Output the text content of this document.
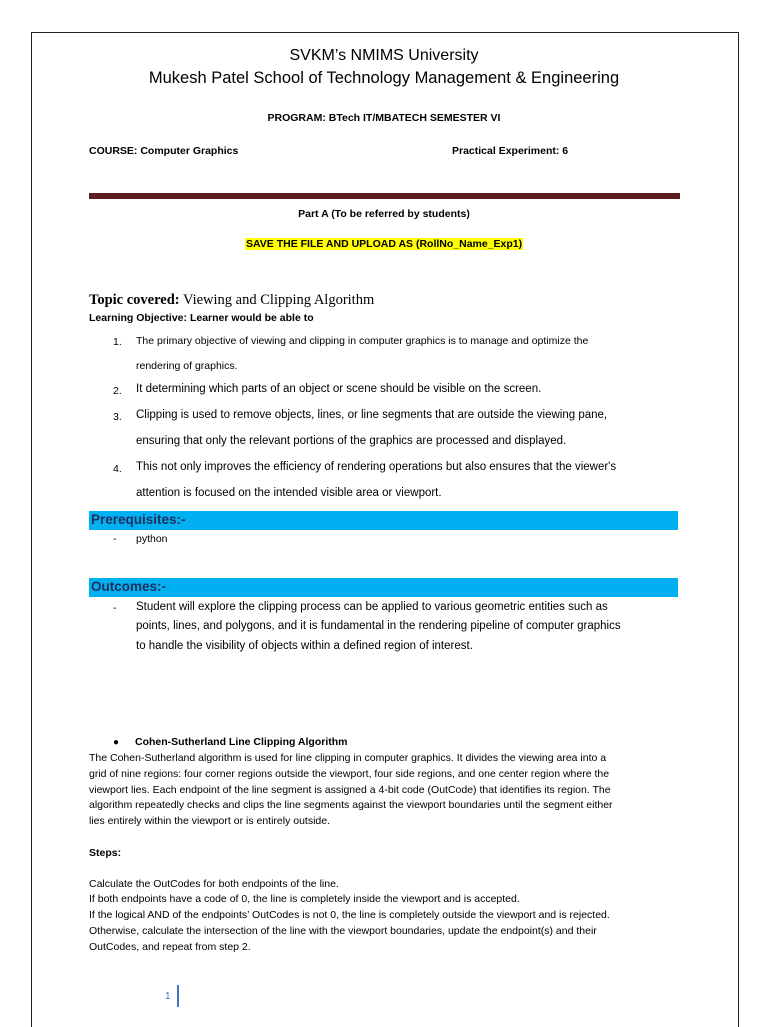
SVKM’s NMIMS University
Mukesh Patel School of Technology Management & Engineering
PROGRAM: BTech IT/MBATECH SEMESTER VI
COURSE: Computer Graphics	Practical Experiment: 6
Part A (To be referred by students)
SAVE THE FILE AND UPLOAD AS (RollNo_Name_Exp1)
Topic covered: Viewing and Clipping Algorithm
Learning Objective: Learner would be able to
1. The primary objective of viewing and clipping in computer graphics is to manage and optimize the
rendering of graphics.
2. It determining which parts of an object or scene should be visible on the screen.
3. Clipping is used to remove objects, lines, or line segments that are outside the viewing pane,
ensuring that only the relevant portions of the graphics are processed and displayed.
4. This not only improves the efficiency of rendering operations but also ensures that the viewer's
attention is focused on the intended visible area or viewport.
Prerequisites:-
- python
Outcomes:-
- Student will explore the clipping process can be applied to various geometric entities such as
points, lines, and polygons, and it is fundamental in the rendering pipeline of computer graphics
to handle the visibility of objects within a defined region of interest.
● Cohen-Sutherland Line Clipping Algorithm
The Cohen-Sutherland algorithm is used for line clipping in computer graphics. It divides the viewing area into a
grid of nine regions: four corner regions outside the viewport, four side regions, and one center region where the
viewport lies. Each endpoint of the line segment is assigned a 4-bit code (OutCode) that identifies its region. The
algorithm repeatedly checks and clips the line segments against the viewport boundaries until the segment either
lies entirely within the viewport or is entirely outside.
Steps:
Calculate the OutCodes for both endpoints of the line.
If both endpoints have a code of 0, the line is completely inside the viewport and is accepted.
If the logical AND of the endpoints’ OutCodes is not 0, the line is completely outside the viewport and is rejected.
Otherwise, calculate the intersection of the line with the viewport boundaries, update the endpoint(s) and their
OutCodes, and repeat from step 2.
1
